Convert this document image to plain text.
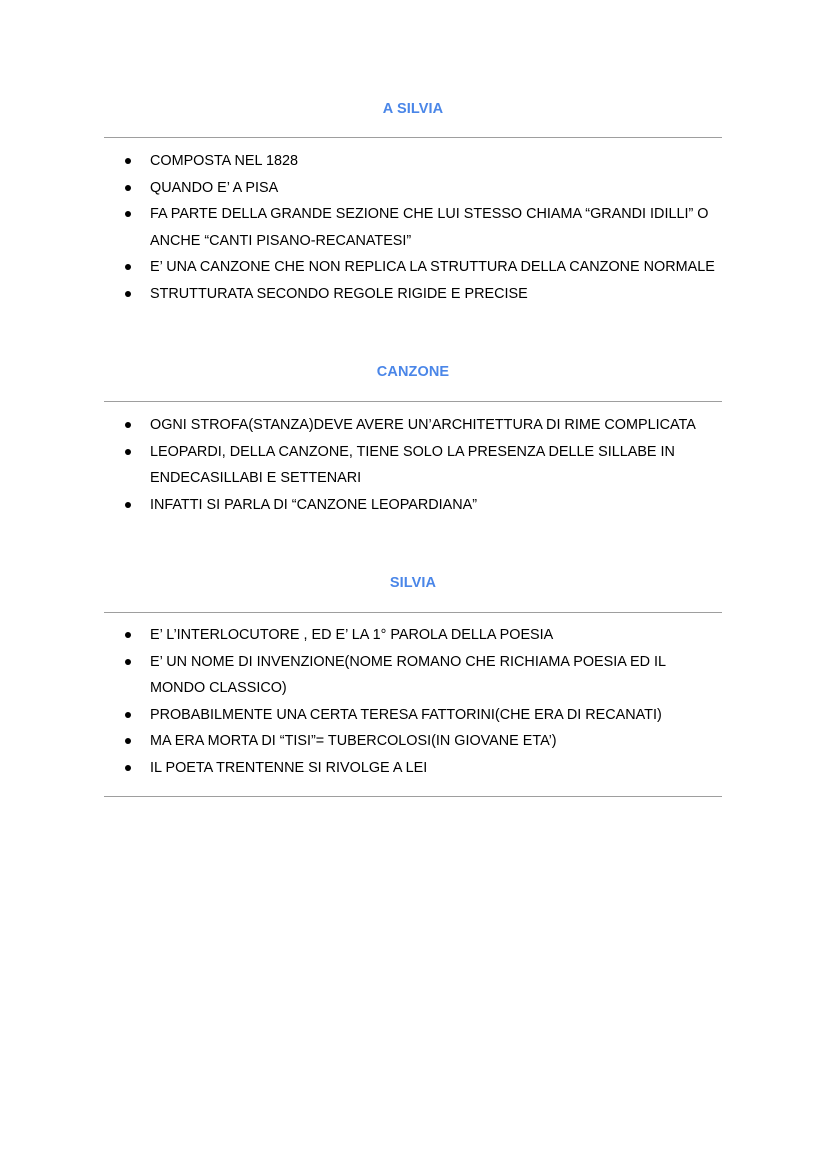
A SILVIA
COMPOSTA NEL 1828
QUANDO E’ A PISA
FA PARTE DELLA GRANDE SEZIONE CHE LUI STESSO CHIAMA “GRANDI IDILLI” O ANCHE “CANTI PISANO-RECANATESI”
E’ UNA CANZONE CHE NON REPLICA LA STRUTTURA DELLA CANZONE NORMALE
STRUTTURATA SECONDO REGOLE RIGIDE E PRECISE
CANZONE
OGNI STROFA(STANZA)DEVE AVERE UN’ARCHITETTURA DI RIME COMPLICATA
LEOPARDI, DELLA CANZONE, TIENE SOLO LA PRESENZA DELLE SILLABE IN ENDECASILLABI E SETTENARI
INFATTI SI PARLA DI “CANZONE LEOPARDIANA”
SILVIA
E’ L’INTERLOCUTORE , ED E’ LA 1° PAROLA DELLA POESIA
E’ UN NOME DI INVENZIONE(NOME ROMANO CHE RICHIAMA POESIA ED IL MONDO CLASSICO)
PROBABILMENTE UNA CERTA TERESA FATTORINI(CHE ERA DI RECANATI)
MA ERA MORTA DI “TISI”= TUBERCOLOSI(IN GIOVANE ETA’)
IL POETA TRENTENNE SI RIVOLGE A LEI
